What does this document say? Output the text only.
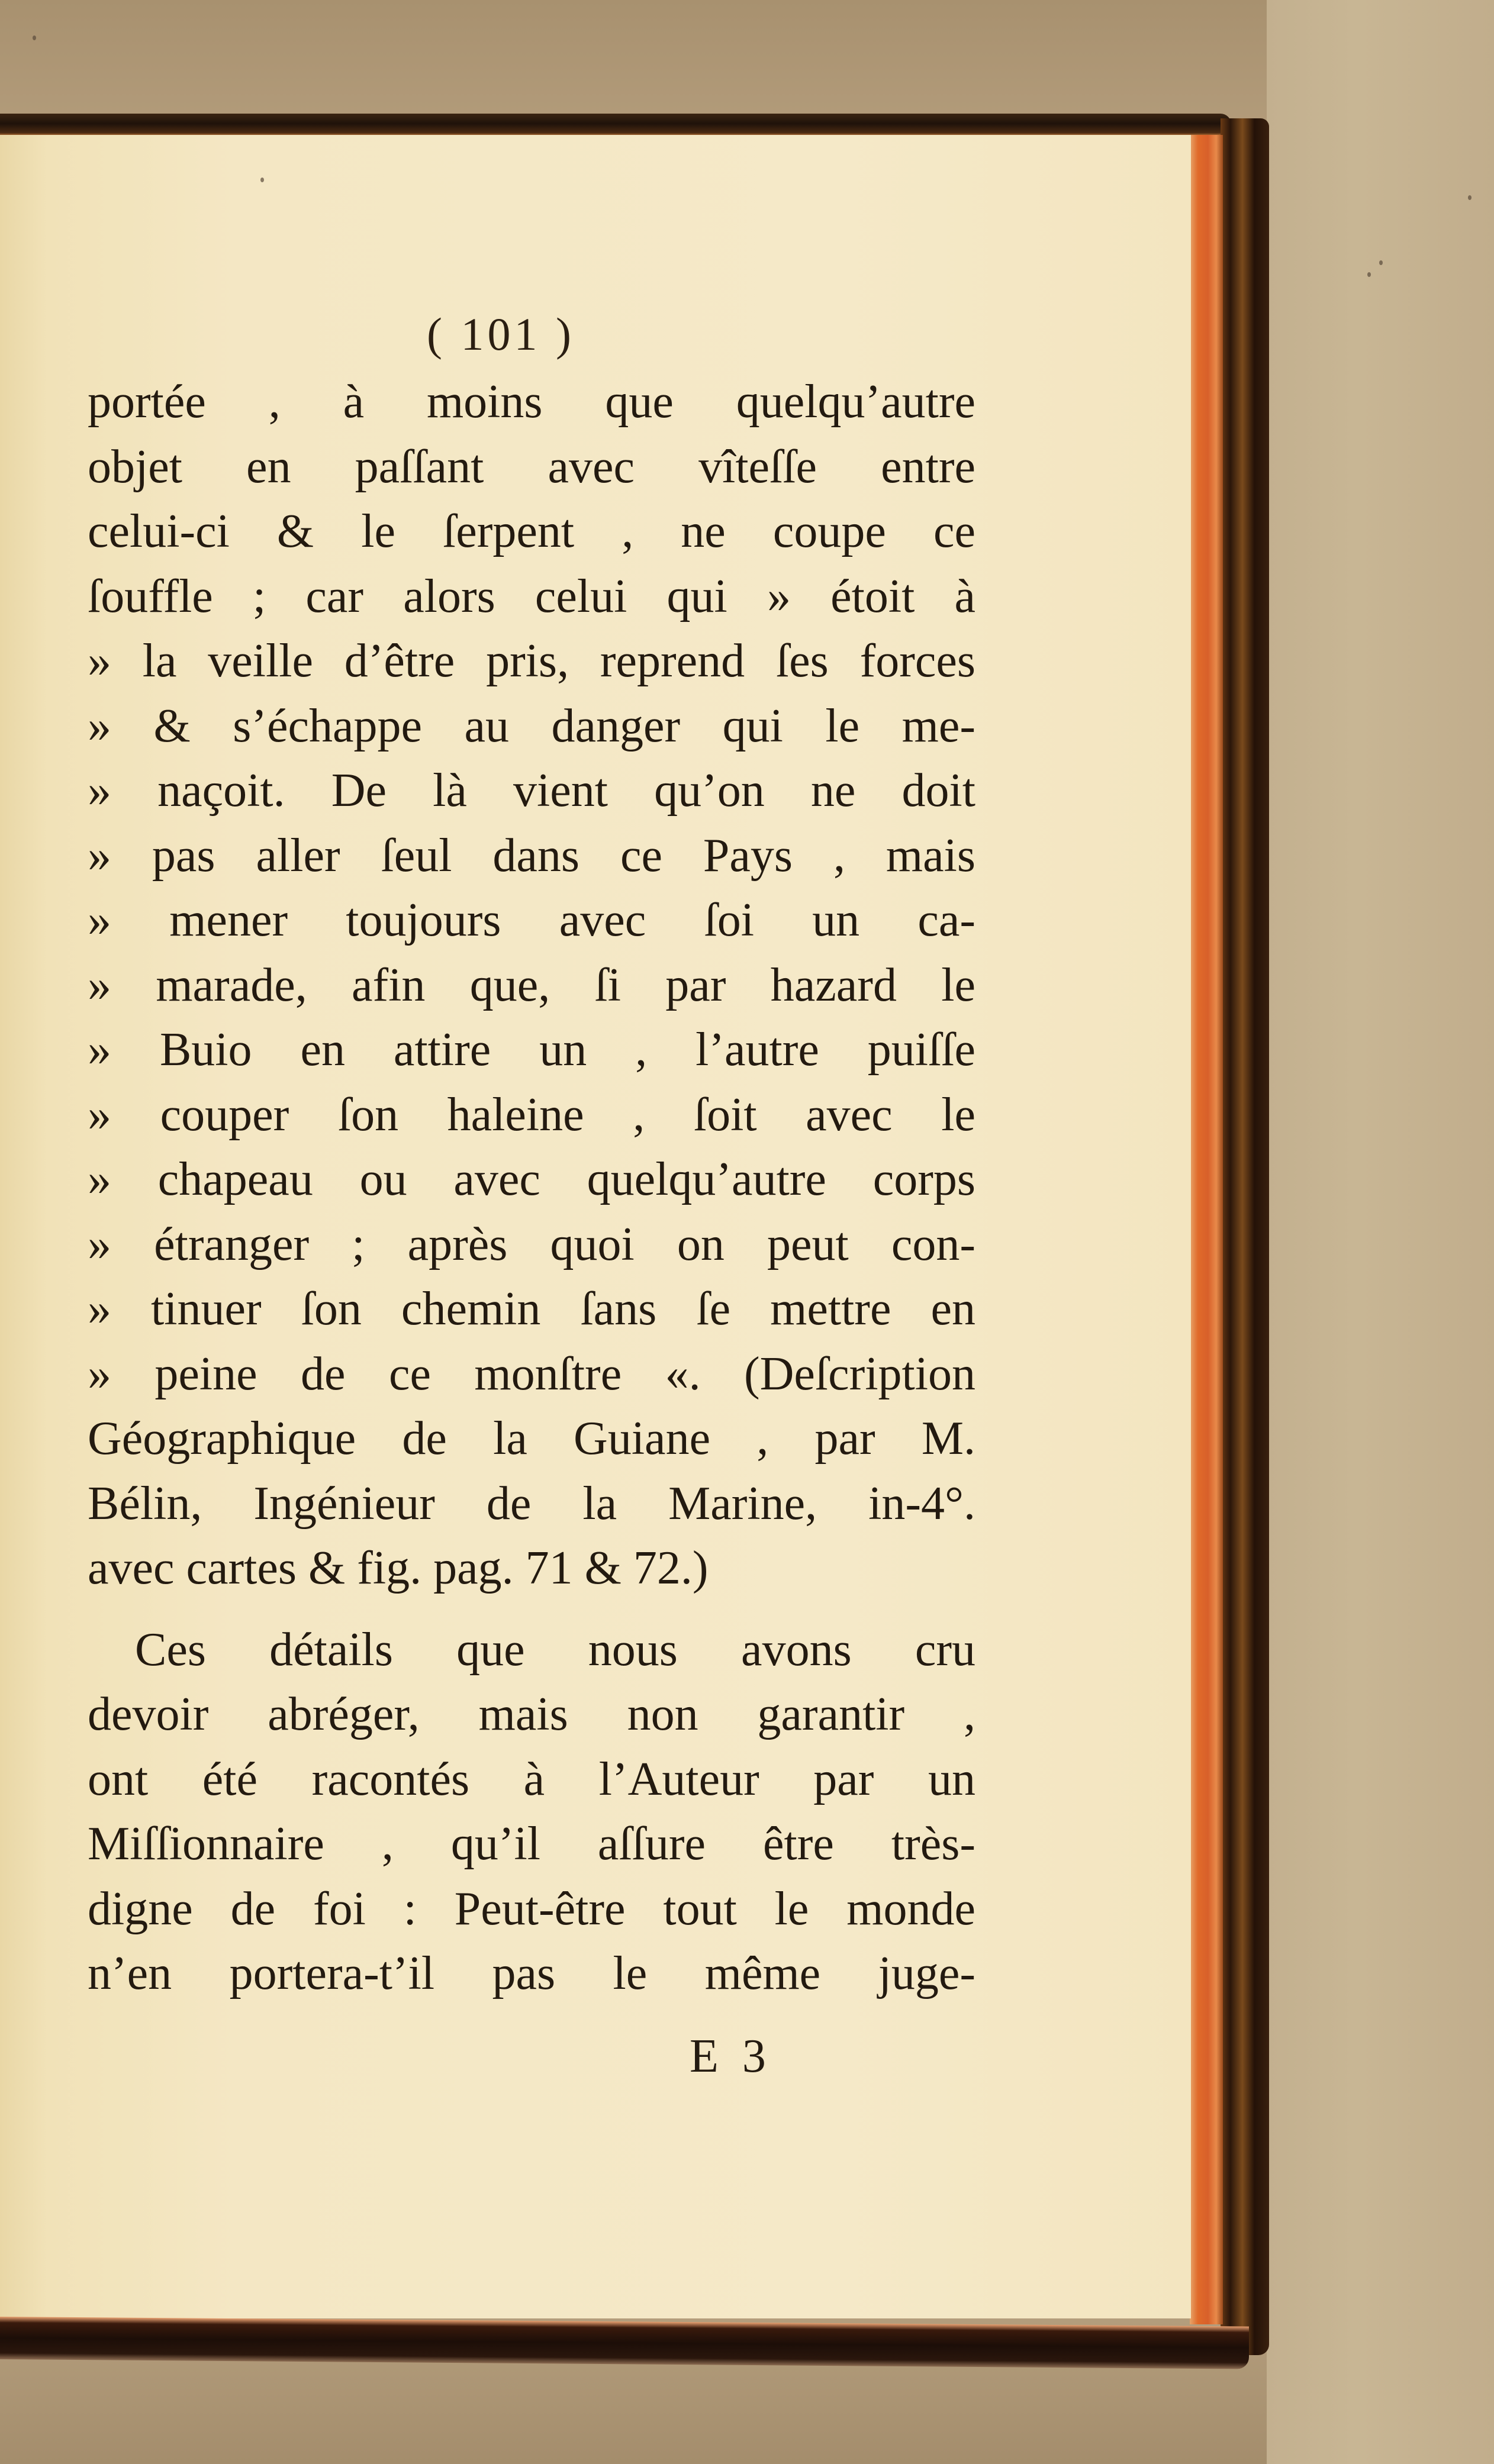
( 101 )
portée , à moins que quelqu’autre
objet en paſſant avec vîteſſe entre
celui-ci & le ſerpent , ne coupe ce
ſouffle ; car alors celui qui » étoit à
» la veille d’être pris, reprend ſes forces
» & s’échappe au danger qui le me-
» naçoit. De là vient qu’on ne doit
» pas aller ſeul dans ce Pays , mais
» mener toujours avec ſoi un ca-
» marade, afin que, ſi par hazard le
» Buio en attire un , l’autre puiſſe
» couper ſon haleine , ſoit avec le
» chapeau ou avec quelqu’autre corps
» étranger ; après quoi on peut con-
» tinuer ſon chemin ſans ſe mettre en
» peine de ce monſtre «. (Deſcription
Géographique de la Guiane , par M.
Bélin, Ingénieur de la Marine, in-4°.
avec cartes & fig. pag. 71 & 72.)
Ces détails que nous avons cru
devoir abréger, mais non garantir ,
ont été racontés à l’Auteur par un
Miſſionnaire , qu’il aſſure être très-
digne de foi : Peut-être tout le monde
n’en portera-t’il pas le même juge-
E 3
